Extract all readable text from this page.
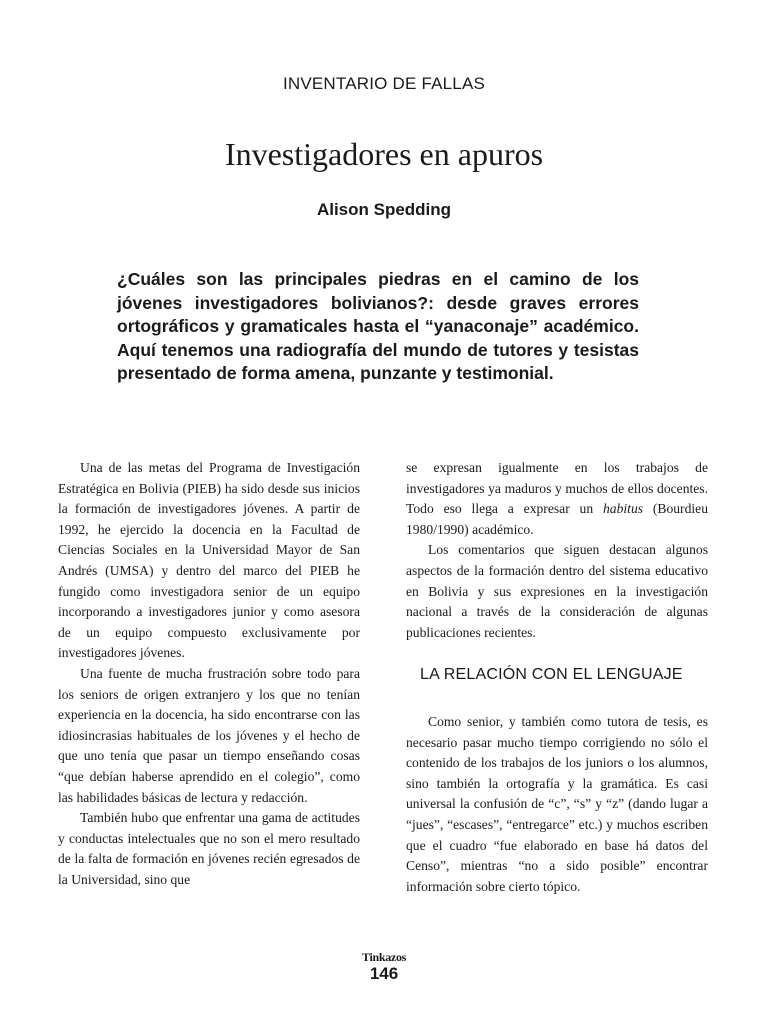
INVENTARIO DE FALLAS
Investigadores en apuros
Alison Spedding

¿Cuáles son las principales piedras en el camino de los jóvenes investigadores bolivianos?: desde graves errores ortográficos y gramaticales hasta el “yanaconaje” académico. Aquí tenemos una radiografía del mundo de tutores y tesistas presentado de forma amena, punzante y testimonial.

Una de las metas del Programa de Investigación Estratégica en Bolivia (PIEB) ha sido desde sus inicios la formación de investigadores jóvenes. A partir de 1992, he ejercido la docencia en la Facultad de Ciencias Sociales en la Universidad Mayor de San Andrés (UMSA) y dentro del marco del PIEB he fungido como investigadora senior de un equipo incorporando a investigadores junior y como asesora de un equipo compuesto exclusivamente por investigadores jóvenes.

Una fuente de mucha frustración sobre todo para los seniors de origen extranjero y los que no tenían experiencia en la docencia, ha sido encontrarse con las idiosincrasias habituales de los jóvenes y el hecho de que uno tenía que pasar un tiempo enseñando cosas “que debían haberse aprendido en el colegio”, como las habilidades básicas de lectura y redacción.

También hubo que enfrentar una gama de actitudes y conductas intelectuales que no son el mero resultado de la falta de formación en jóvenes recién egresados de la Universidad, sino que

se expresan igualmente en los trabajos de investigadores ya maduros y muchos de ellos docentes. Todo eso llega a expresar un habitus (Bourdieu 1980/1990) académico.

Los comentarios que siguen destacan algunos aspectos de la formación dentro del sistema educativo en Bolivia y sus expresiones en la investigación nacional a través de la consideración de algunas publicaciones recientes.

LA RELACIÓN CON EL LENGUAJE

Como senior, y también como tutora de tesis, es necesario pasar mucho tiempo corrigiendo no sólo el contenido de los trabajos de los juniors o los alumnos, sino también la ortografía y la gramática. Es casi universal la confusión de “c”, “s” y “z” (dando lugar a “jues”, “escases”, “entregarce” etc.) y muchos escriben que el cuadro “fue elaborado en base há datos del Censo”, mientras “no a sido posible” encontrar información sobre cierto tópico.

Tinkazos
146
